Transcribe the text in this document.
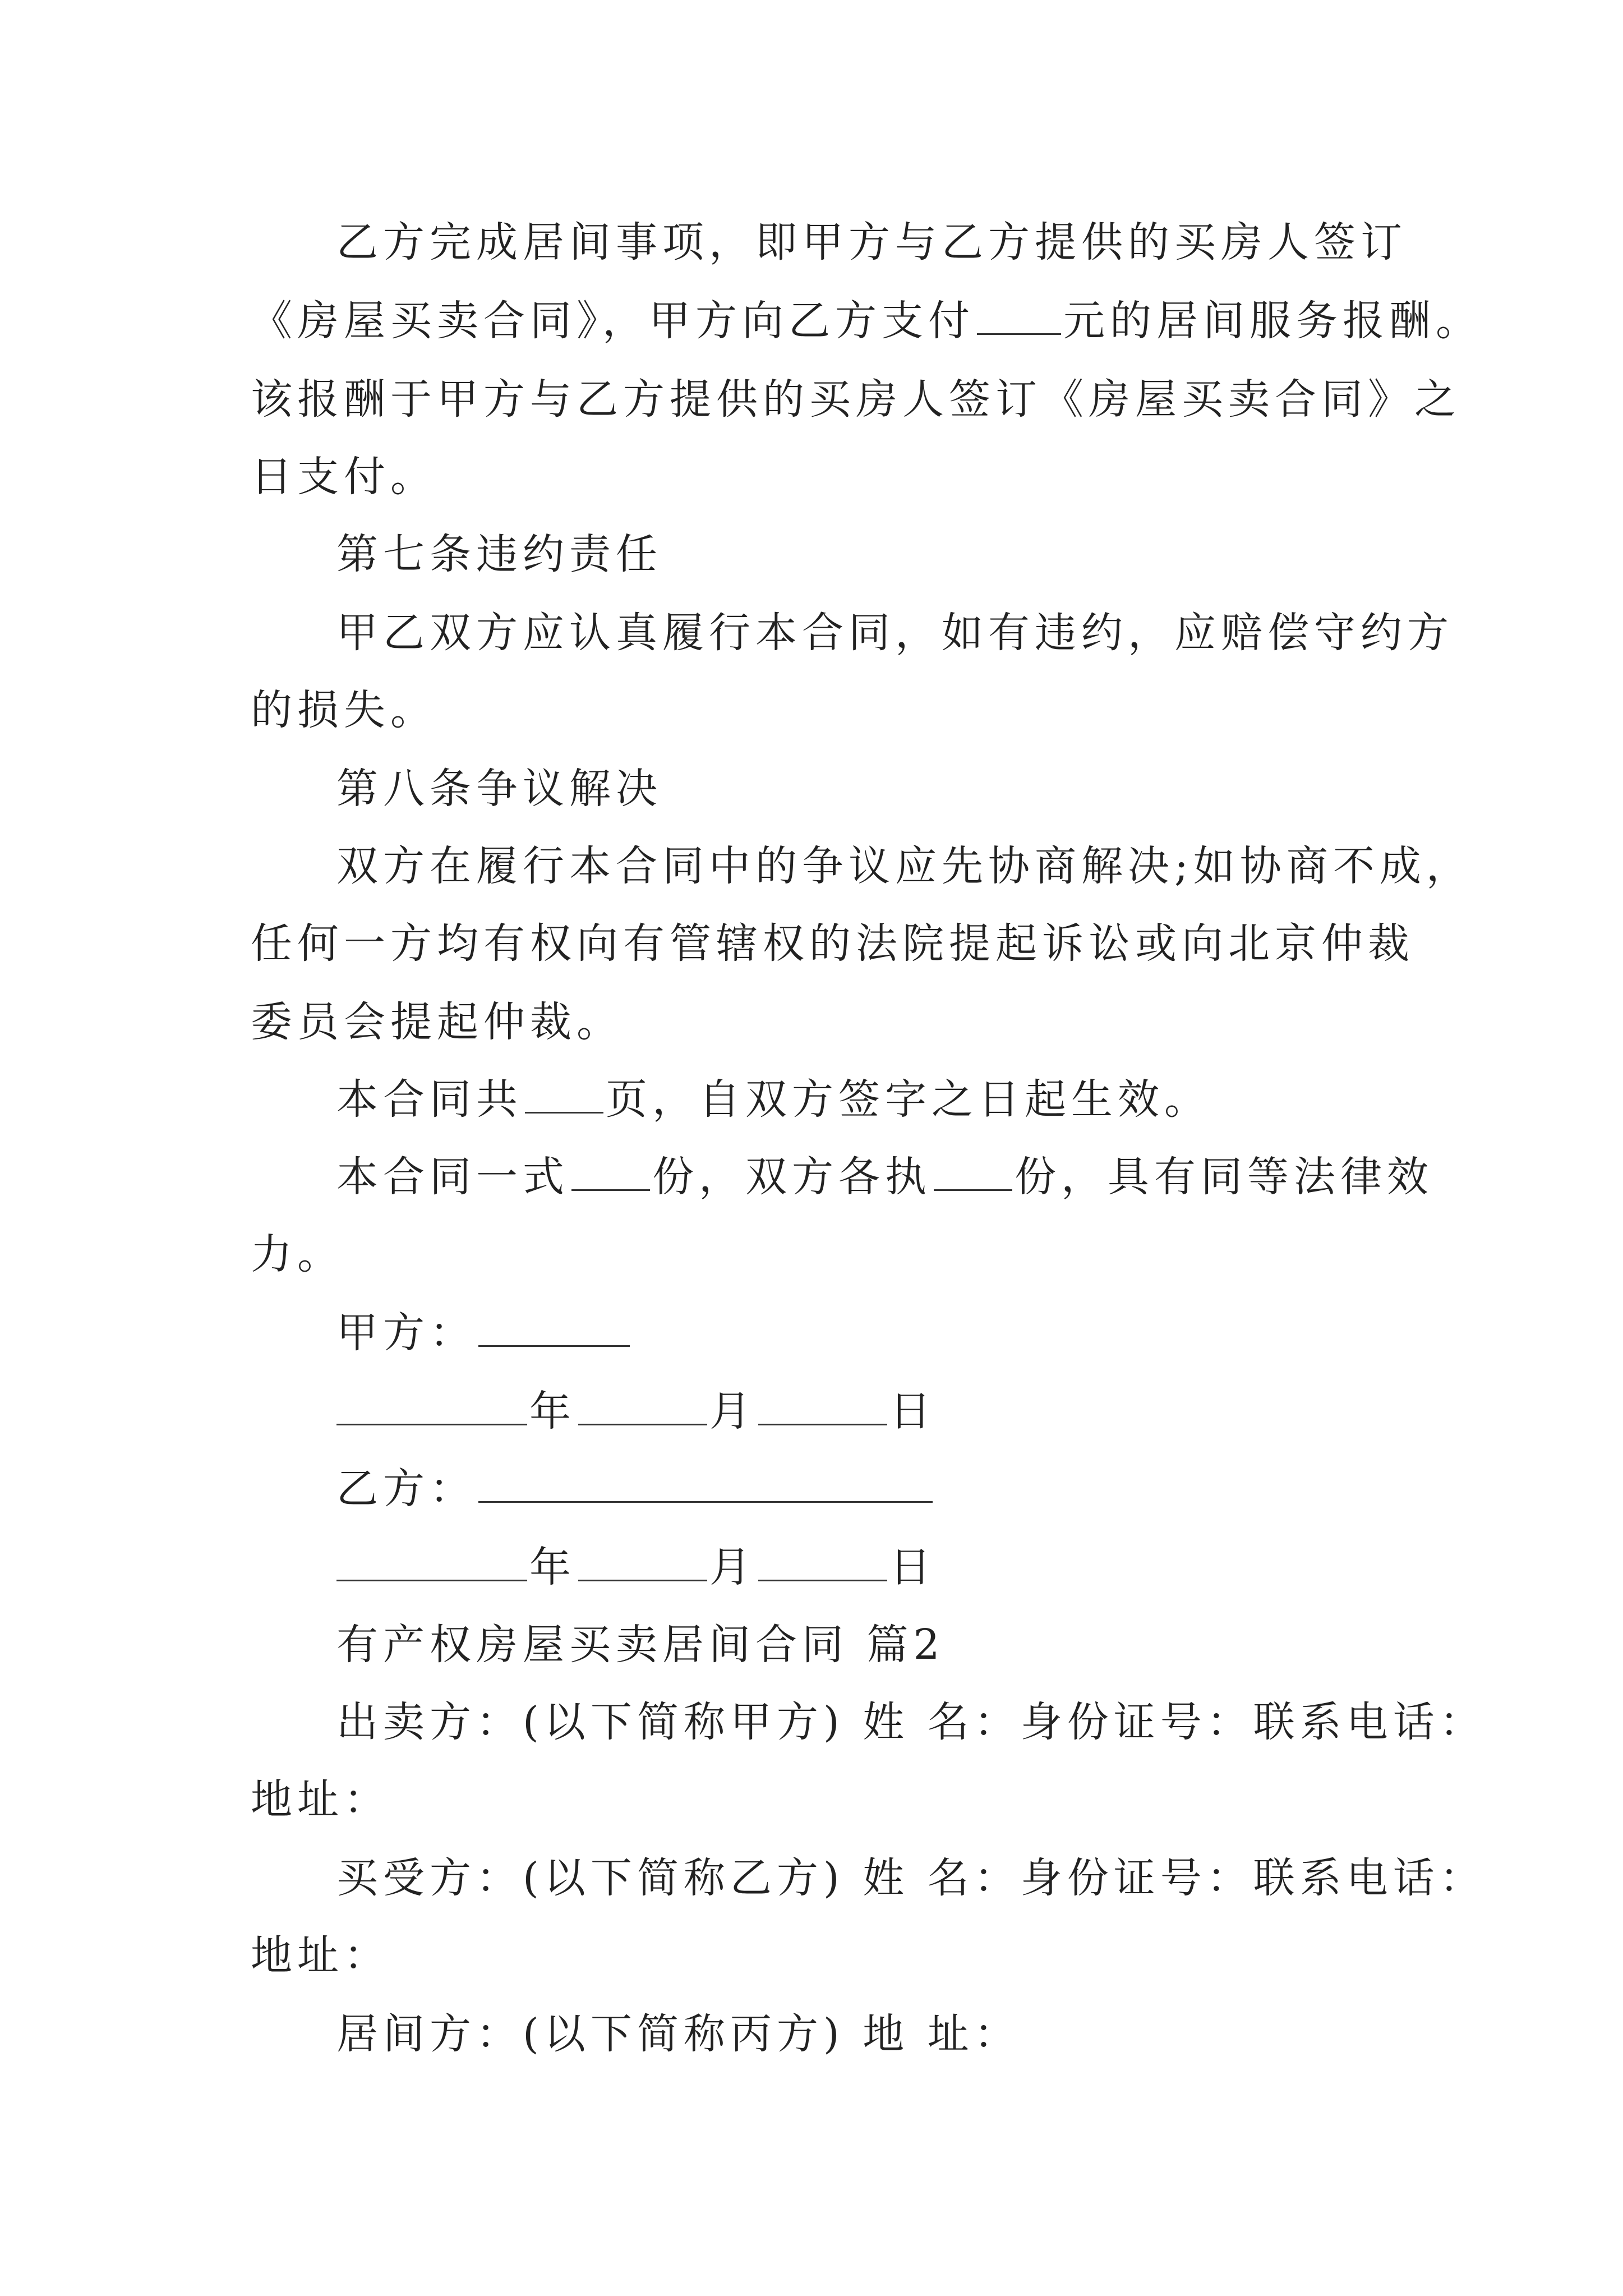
乙方完成居间事项，即甲方与乙方提供的买房人签订
《房屋买卖合同》，甲方向乙方支付 元的居间服务报酬。
该报酬于甲方与乙方提供的买房人签订《房屋买卖合同》之
日支付。
第七条违约责任
甲乙双方应认真履行本合同，如有违约，应赔偿守约方
的损失。
第八条争议解决
双方在履行本合同中的争议应先协商解决;如协商不成，
任何一方均有权向有管辖权的法院提起诉讼或向北京仲裁
委员会提起仲裁。
本合同共 页，自双方签字之日起生效。
本合同一式 份，双方各执 份，具有同等法律效
力。
甲方：
年	月	日
乙方：
年	月	日
有产权房屋买卖居间合同 篇2
出卖方：(以下简称甲方) 姓 名：身份证号：联系电话：
地址：
买受方：(以下简称乙方) 姓 名：身份证号：联系电话：
地址：
居间方：(以下简称丙方) 地 址：
